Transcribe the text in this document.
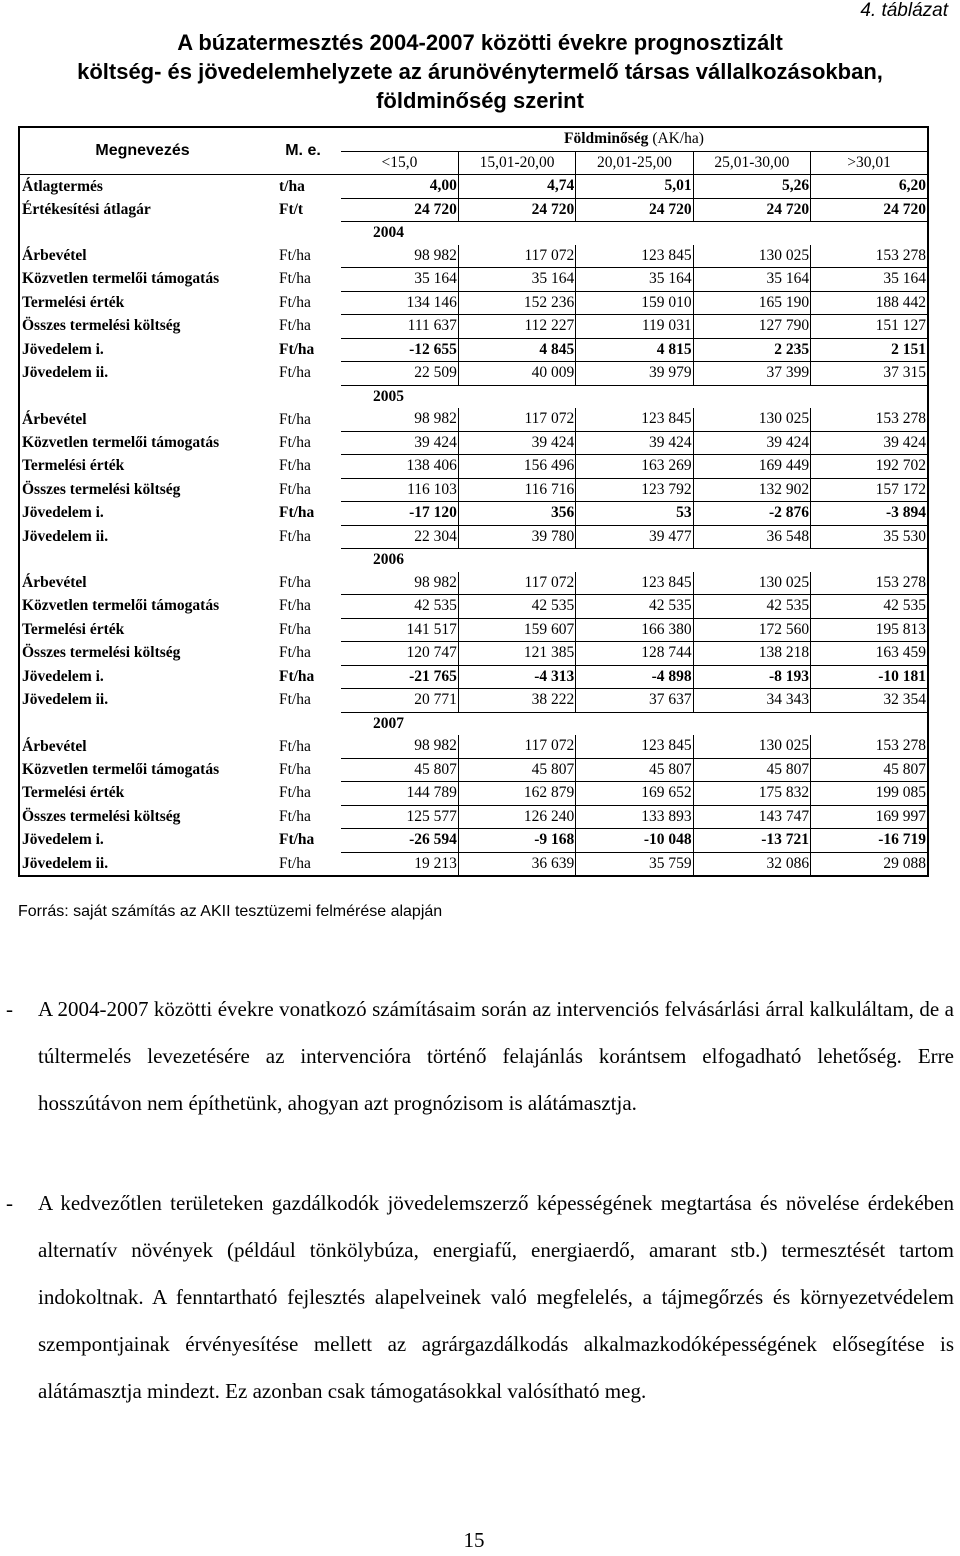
4. táblázat
A búzatermesztés 2004-2007 közötti évekre prognosztizált
költség- és jövedelemhelyzete az árunövénytermelő társas vállalkozásokban,
földminőség szerint
Megnevezés	M. e.	Földminőség (AK/ha)				
		<15,0	15,01-20,00	20,01-25,00	25,01-30,00	>30,01
Átlagtermés	t/ha	4,00	4,74	5,01	5,26	6,20
Értékesítési átlagár	Ft/t	24 720	24 720	24 720	24 720	24 720
		2004				
Árbevétel	Ft/ha	98 982	117 072	123 845	130 025	153 278
Közvetlen termelői támogatás	Ft/ha	35 164	35 164	35 164	35 164	35 164
Termelési érték	Ft/ha	134 146	152 236	159 010	165 190	188 442
Összes termelési költség	Ft/ha	111 637	112 227	119 031	127 790	151 127
Jövedelem i.	Ft/ha	-12 655	4 845	4 815	2 235	2 151
Jövedelem ii.	Ft/ha	22 509	40 009	39 979	37 399	37 315
		2005				
Árbevétel	Ft/ha	98 982	117 072	123 845	130 025	153 278
Közvetlen termelői támogatás	Ft/ha	39 424	39 424	39 424	39 424	39 424
Termelési érték	Ft/ha	138 406	156 496	163 269	169 449	192 702
Összes termelési költség	Ft/ha	116 103	116 716	123 792	132 902	157 172
Jövedelem i.	Ft/ha	-17 120	356	53	-2 876	-3 894
Jövedelem ii.	Ft/ha	22 304	39 780	39 477	36 548	35 530
		2006				
Árbevétel	Ft/ha	98 982	117 072	123 845	130 025	153 278
Közvetlen termelői támogatás	Ft/ha	42 535	42 535	42 535	42 535	42 535
Termelési érték	Ft/ha	141 517	159 607	166 380	172 560	195 813
Összes termelési költség	Ft/ha	120 747	121 385	128 744	138 218	163 459
Jövedelem i.	Ft/ha	-21 765	-4 313	-4 898	-8 193	-10 181
Jövedelem ii.	Ft/ha	20 771	38 222	37 637	34 343	32 354
		2007				
Árbevétel	Ft/ha	98 982	117 072	123 845	130 025	153 278
Közvetlen termelői támogatás	Ft/ha	45 807	45 807	45 807	45 807	45 807
Termelési érték	Ft/ha	144 789	162 879	169 652	175 832	199 085
Összes termelési költség	Ft/ha	125 577	126 240	133 893	143 747	169 997
Jövedelem i.	Ft/ha	-26 594	-9 168	-10 048	-13 721	-16 719
Jövedelem ii.	Ft/ha	19 213	36 639	35 759	32 086	29 088
Forrás: saját számítás az AKII tesztüzemi felmérése alapján
- A 2004-2007 közötti évekre vonatkozó számításaim során az intervenciós felvásárlási árral kalkuláltam, de a túltermelés levezetésére az intervencióra történő felajánlás korántsem elfogadható lehetőség. Erre hosszútávon nem építhetünk, ahogyan azt prognózisom is alátámasztja.
- A kedvezőtlen területeken gazdálkodók jövedelemszerző képességének megtartása és növelése érdekében alternatív növények (például tönkölybúza, energiafű, energiaerdő, amarant stb.) termesztését tartom indokoltnak. A fenntartható fejlesztés alapelveinek való megfelelés, a tájmegőrzés és környezetvédelem szempontjainak érvényesítése mellett az agrárgazdálkodás alkalmazkodóképességének elősegítése is alátámasztja mindezt. Ez azonban csak támogatásokkal valósítható meg.
15
